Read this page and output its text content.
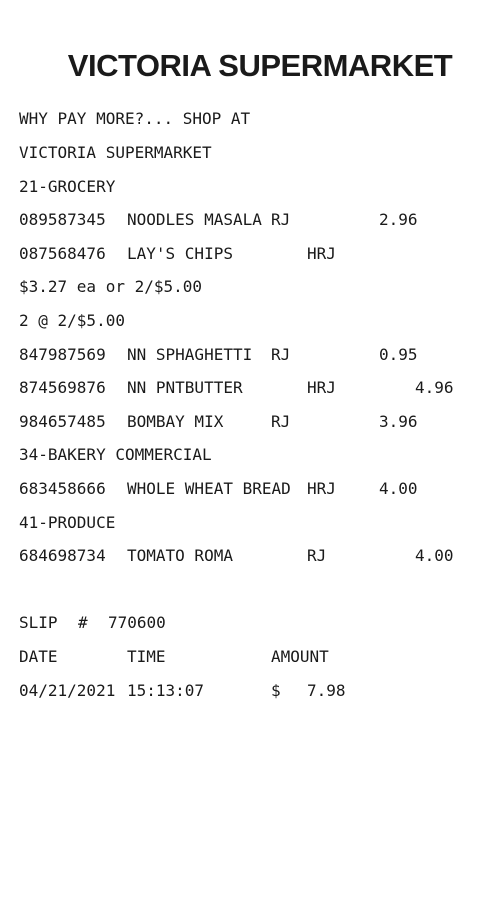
VICTORIA SUPERMARKET
WHY PAY MORE?... SHOP AT
VICTORIA SUPERMARKET
21-GROCERY
089587345 NOODLES MASALA RJ	2.96
087568476 LAY'S CHIPS	HRJ
$3.27 ea or 2/$5.00
2 @ 2/$5.00
847987569 NN SPHAGHETTI RJ	0.95
874569876 NN PNTBUTTER	HRJ	4.96
984657485 BOMBAY MIX	RJ	3.96
34-BAKERY COMMERCIAL
683458666 WHOLE WHEAT BREAD HRJ	4.00
41-PRODUCE
684698734 TOMATO ROMA	RJ	4.00
SLIP # 770600
DATE	TIME	AMOUNT
04/21/2021 15:13:07	$ 7.98
